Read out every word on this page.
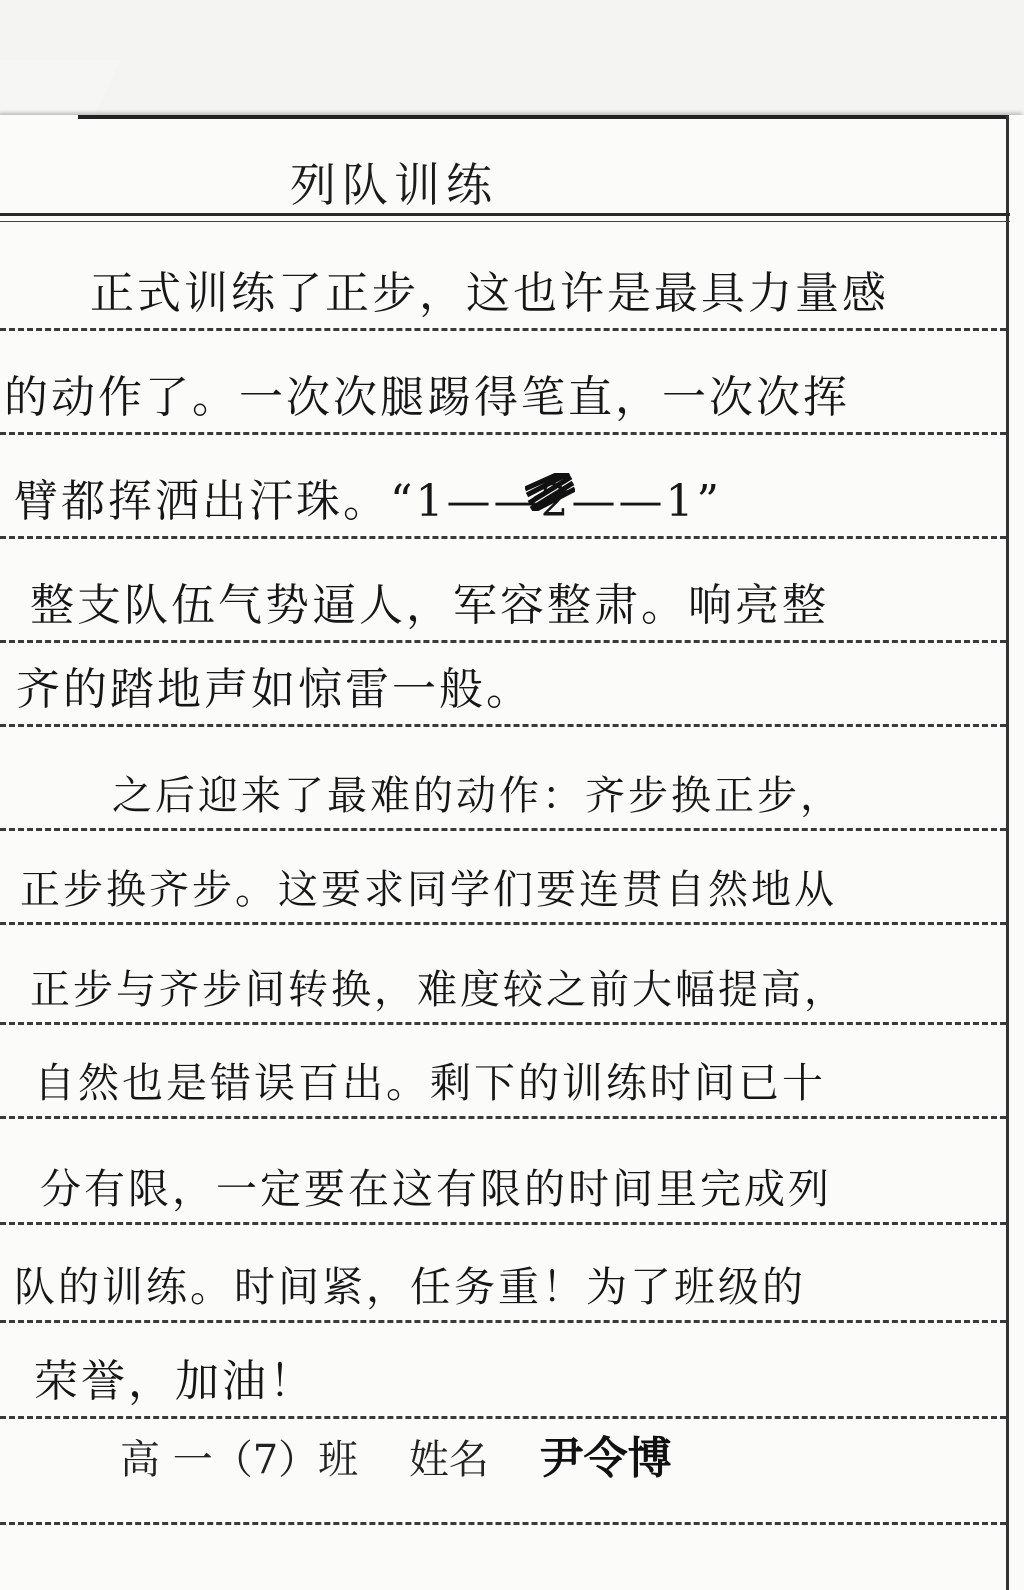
列队训练
正式训练了正步，这也许是最具力量感
的动作了。一次次腿踢得笔直，一次次挥
臂都挥洒出汗珠。“1——2——1”
整支队伍气势逼人，军容整肃。响亮整
齐的踏地声如惊雷一般。
之后迎来了最难的动作：齐步换正步，
正步换齐步。这要求同学们要连贯自然地从
正步与齐步间转换，难度较之前大幅提高，
自然也是错误百出。剩下的训练时间已十
分有限，一定要在这有限的时间里完成列
队的训练。时间紧，任务重！为了班级的
荣誉，加油！
高 一（7）班 姓名 尹令博
